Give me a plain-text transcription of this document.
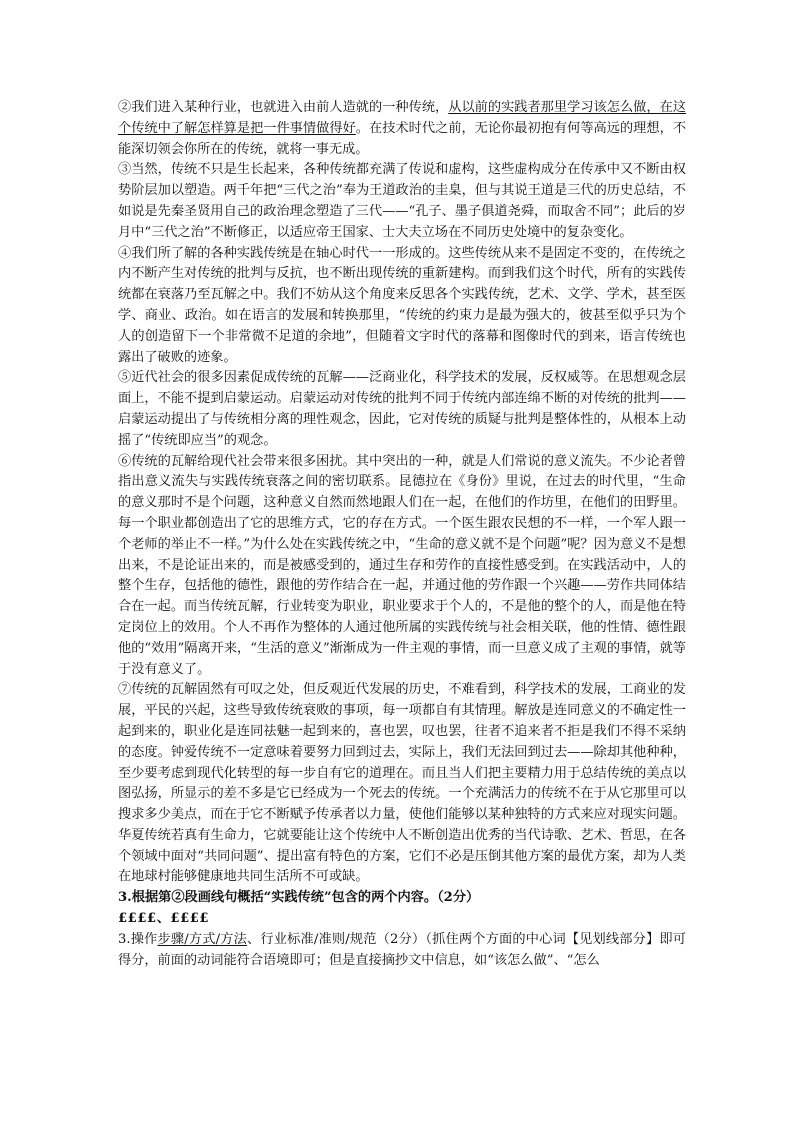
②我们进入某种行业，也就进入由前人造就的一种传统，从以前的实践者那里学习该怎么做，在这个传统中了解怎样算是把一件事情做得好。在技术时代之前，无论你最初抱有何等高远的理想，不能深切领会你所在的传统，就将一事无成。

③当然，传统不只是生长起来，各种传统都充满了传说和虚构，这些虚构成分在传承中又不断由权势阶层加以塑造。两千年把“三代之治”奉为王道政治的圭臬，但与其说王道是三代的历史总结，不如说是先秦圣贤用自己的政治理念塑造了三代——“孔子、墨子俱道尧舜，而取舍不同”；此后的岁月中“三代之治”不断修正，以适应帝王国家、士大夫立场在不同历史处境中的复杂变化。

④我们所了解的各种实践传统是在轴心时代一一形成的。这些传统从来不是固定不变的，在传统之内不断产生对传统的批判与反抗，也不断出现传统的重新建构。而到我们这个时代，所有的实践传统都在衰落乃至瓦解之中。我们不妨从这个角度来反思各个实践传统，艺术、文学、学术，甚至医学、商业、政治。如在语言的发展和转换那里，“传统的约束力是最为强大的，彼甚至似乎只为个人的创造留下一个非常微不足道的余地”，但随着文字时代的落幕和图像时代的到来，语言传统也露出了破败的迹象。

⑤近代社会的很多因素促成传统的瓦解——泛商业化，科学技术的发展，反权威等。在思想观念层面上，不能不提到启蒙运动。启蒙运动对传统的批判不同于传统内部连绵不断的对传统的批判——启蒙运动提出了与传统相分离的理性观念，因此，它对传统的质疑与批判是整体性的，从根本上动摇了“传统即应当”的观念。

⑥传统的瓦解给现代社会带来很多困扰。其中突出的一种，就是人们常说的意义流失。不少论者曾指出意义流失与实践传统衰落之间的密切联系。昆德拉在《身份》里说，在过去的时代里，“生命的意义那时不是个问题，这种意义自然而然地跟人们在一起，在他们的作坊里，在他们的田野里。每一个职业都创造出了它的思维方式，它的存在方式。一个医生跟农民想的不一样，一个军人跟一个老师的举止不一样。”为什么处在实践传统之中，“生命的意义就不是个问题”呢？因为意义不是想出来，不是论证出来的，而是被感受到的，通过生存和劳作的直接性感受到。在实践活动中，人的整个生存，包括他的德性，跟他的劳作结合在一起，并通过他的劳作跟一个兴趣——劳作共同体结合在一起。而当传统瓦解，行业转变为职业，职业要求于个人的，不是他的整个的人，而是他在特定岗位上的效用。个人不再作为整体的人通过他所属的实践传统与社会相关联，他的性情、德性跟他的“效用”隔离开来，“生活的意义”渐渐成为一件主观的事情，而一旦意义成了主观的事情，就等于没有意义了。

⑦传统的瓦解固然有可叹之处，但反观近代发展的历史，不难看到，科学技术的发展，工商业的发展，平民的兴起，这些导致传统衰败的事项，每一项都自有其情理。解放是连同意义的不确定性一起到来的，职业化是连同祛魅一起到来的，喜也罢，叹也罢，往者不追来者不拒是我们不得不采纳的态度。钟爱传统不一定意味着要努力回到过去，实际上，我们无法回到过去——除却其他种种，至少要考虑到现代化转型的每一步自有它的道理在。而且当人们把主要精力用于总结传统的美点以图弘扬，所显示的差不多是它已经成为一个死去的传统。一个充满活力的传统不在于从它那里可以搜求多少美点，而在于它不断赋予传承者以力量，使他们能够以某种独特的方式来应对现实问题。华夏传统若真有生命力，它就要能让这个传统中人不断创造出优秀的当代诗歌、艺术、哲思，在各个领域中面对“共同问题”、提出富有特色的方案，它们不必是压倒其他方案的最优方案，却为人类在地球村能够健康地共同生活所不可或缺。

3.根据第②段画线句概括“实践传统”包含的两个内容。（2分）

££££、££££

3.操作步骤/方式/方法、行业标准/准则/规范（2分）（抓住两个方面的中心词【见划线部分】即可得分，前面的动词能符合语境即可；但是直接摘抄文中信息，如“该怎么做”、“怎么
